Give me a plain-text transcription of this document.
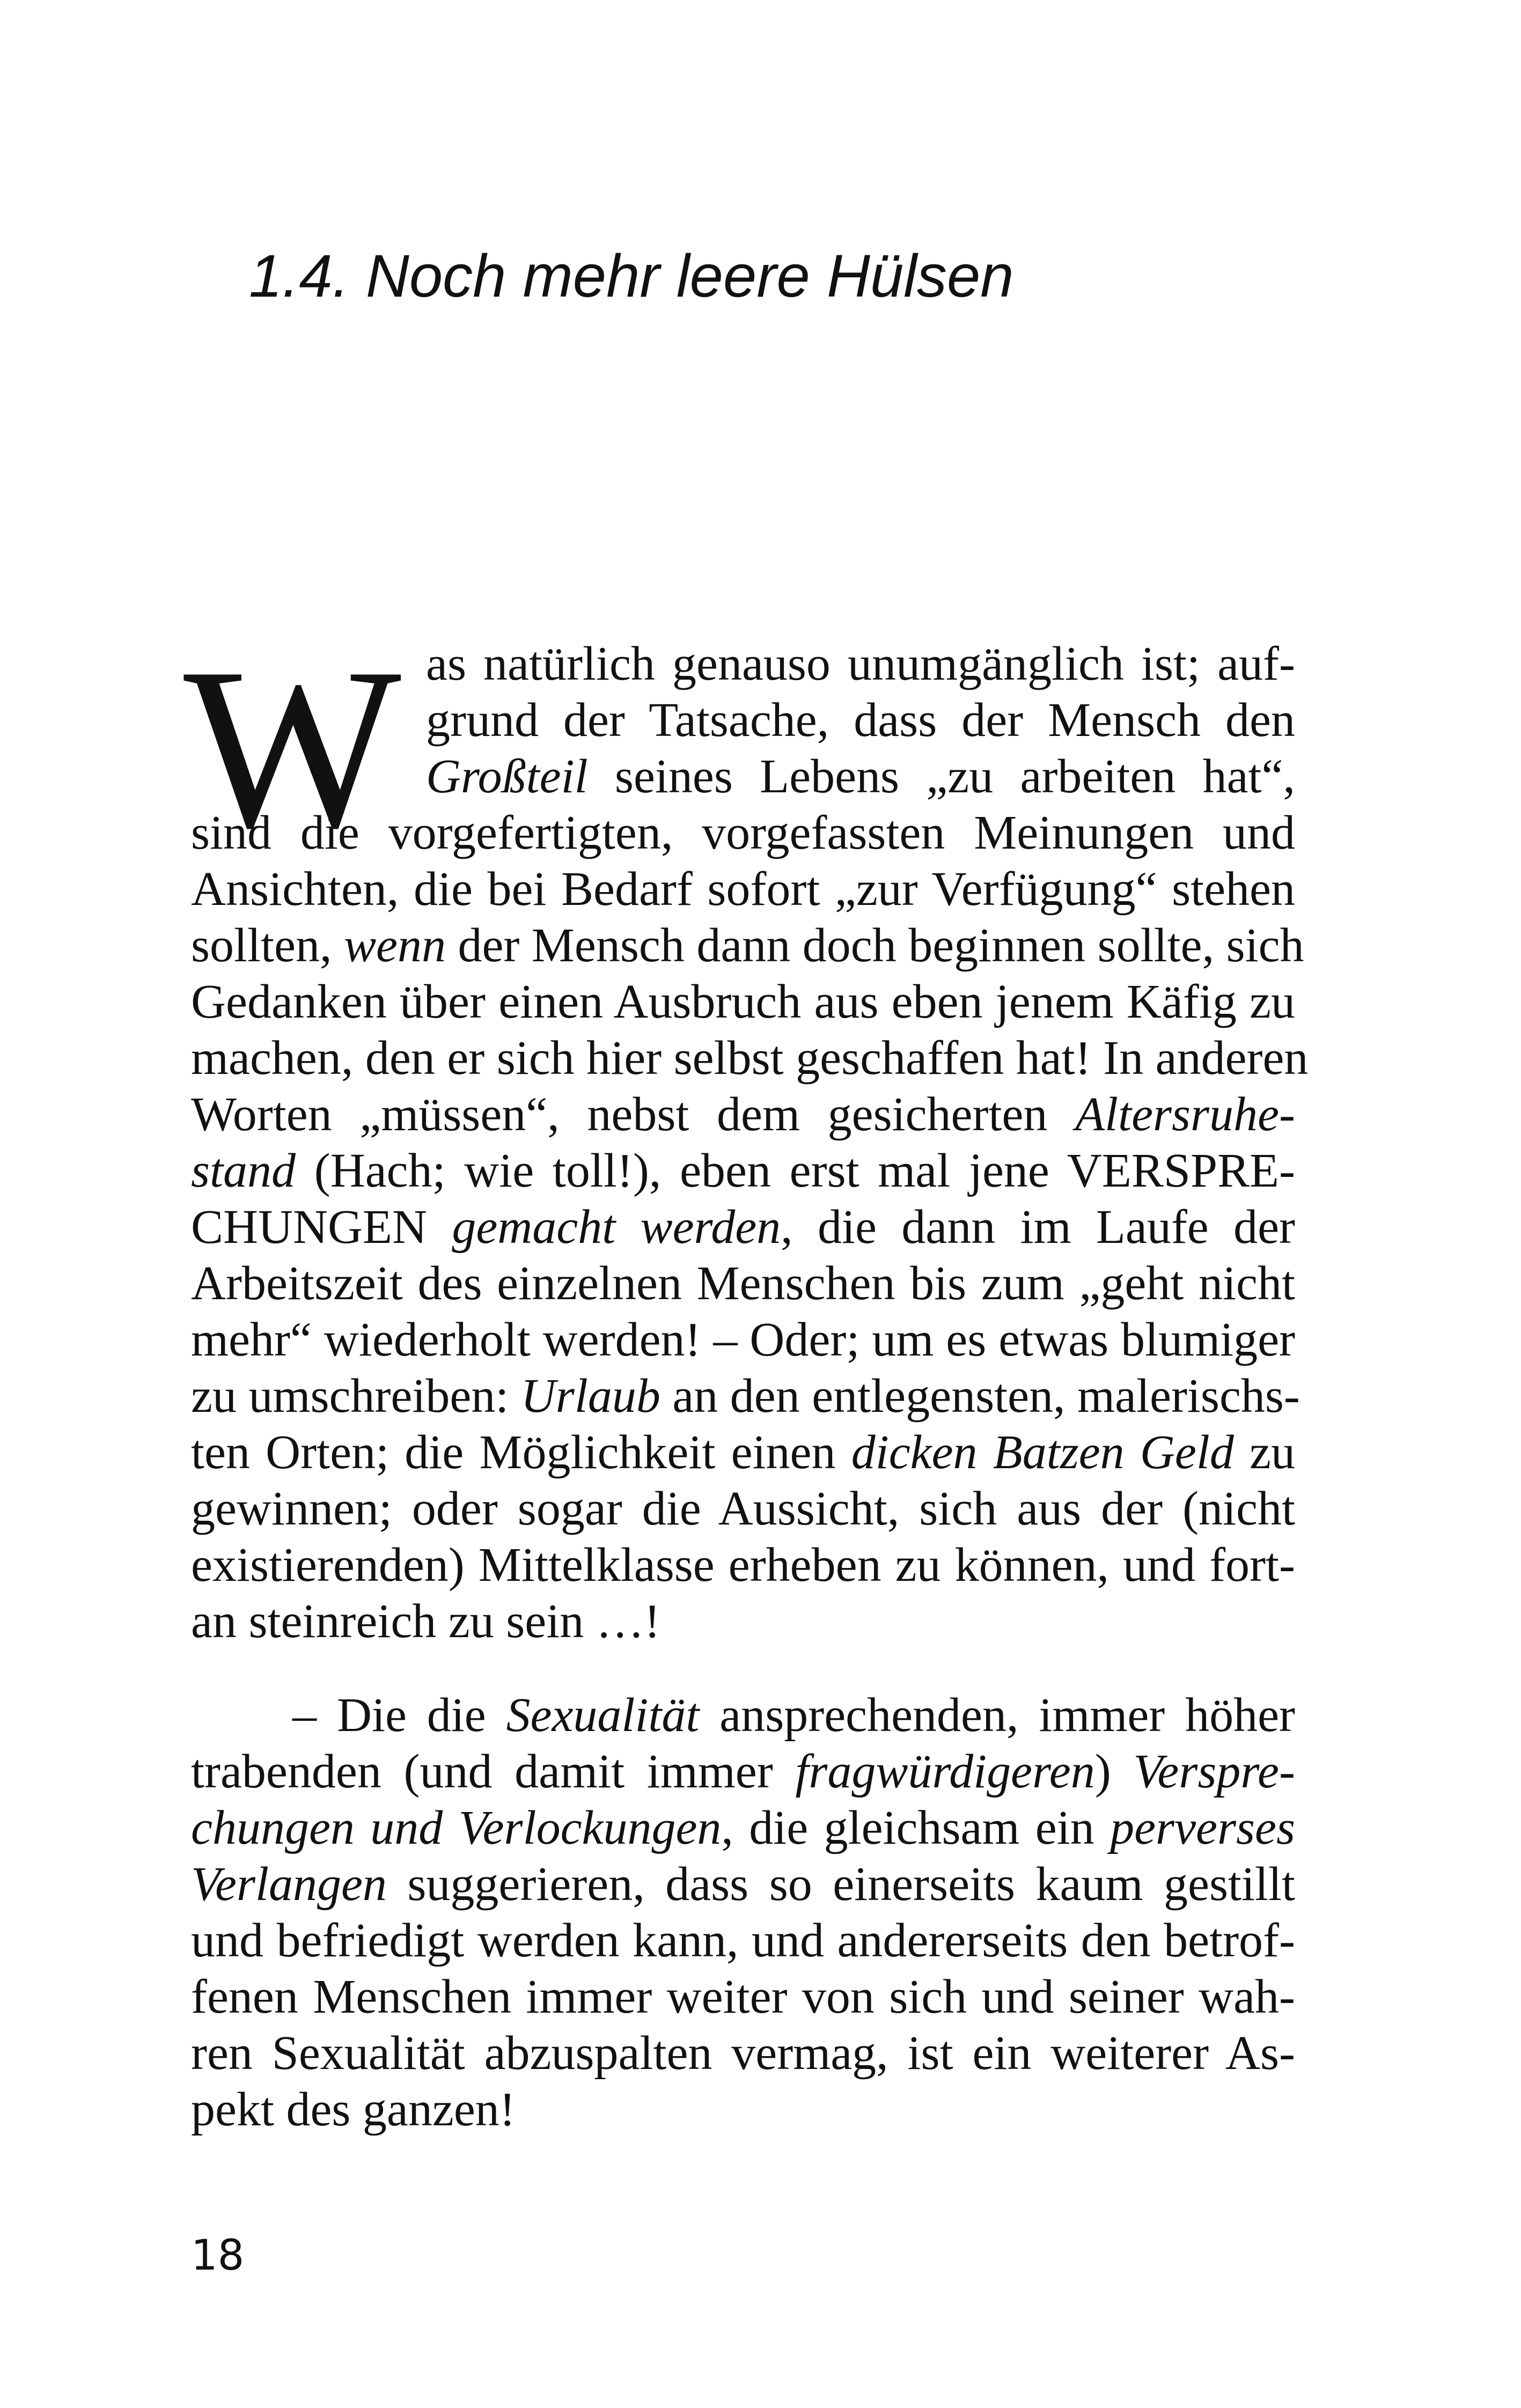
1.4. Noch mehr leere Hülsen
W as natürlich genauso unumgänglich ist; auf-
grund der Tatsache, dass der Mensch den
Großteil seines Lebens „zu arbeiten hat“,
sind die vorgefertigten, vorgefassten Meinungen und
Ansichten, die bei Bedarf sofort „zur Verfügung“ stehen
sollten, wenn der Mensch dann doch beginnen sollte, sich
Gedanken über einen Ausbruch aus eben jenem Käfig zu
machen, den er sich hier selbst geschaffen hat! In anderen
Worten „müssen“, nebst dem gesicherten Altersruhe-
stand (Hach; wie toll!), eben erst mal jene VERSPRE-
CHUNGEN gemacht werden, die dann im Laufe der
Arbeitszeit des einzelnen Menschen bis zum „geht nicht
mehr“ wiederholt werden! – Oder; um es etwas blumiger
zu umschreiben: Urlaub an den entlegensten, malerischs-
ten Orten; die Möglichkeit einen dicken Batzen Geld zu
gewinnen; oder sogar die Aussicht, sich aus der (nicht
existierenden) Mittelklasse erheben zu können, und fort-
an steinreich zu sein …!
– Die die Sexualität ansprechenden, immer höher
trabenden (und damit immer fragwürdigeren) Verspre-
chungen und Verlockungen, die gleichsam ein perverses
Verlangen suggerieren, dass so einerseits kaum gestillt
und befriedigt werden kann, und andererseits den betrof-
fenen Menschen immer weiter von sich und seiner wah-
ren Sexualität abzuspalten vermag, ist ein weiterer As-
pekt des ganzen!
18
